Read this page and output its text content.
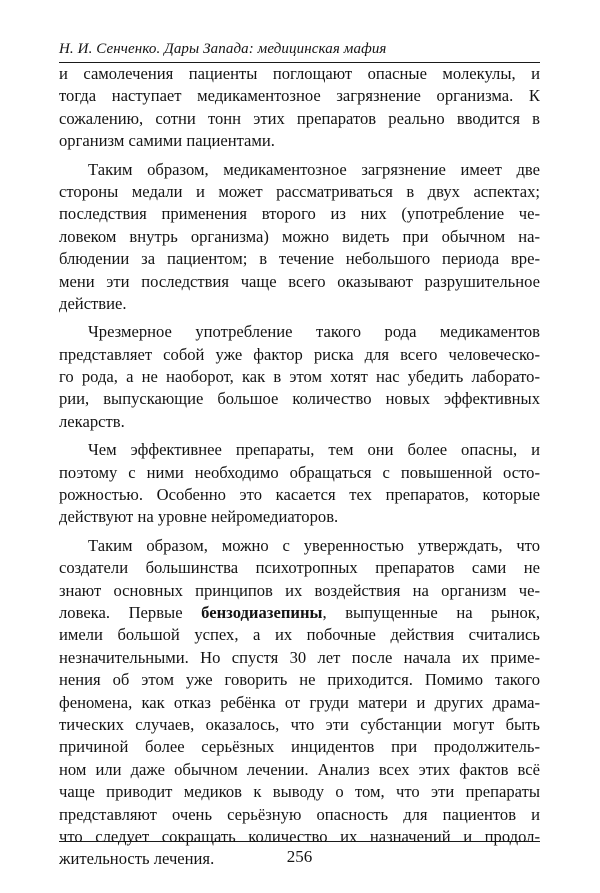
Н. И. Сенченко. Дары Запада: медицинская мафия
и самолечения пациенты поглощают опасные молекулы, и
тогда наступает медикаментозное загрязнение организма. К
сожалению, сотни тонн этих препаратов реально вводится в
организм самими пациентами.
Таким образом, медикаментозное загрязнение имеет две
стороны медали и может рассматриваться в двух аспектах;
последствия применения второго из них (употребление че-
ловеком внутрь организма) можно видеть при обычном на-
блюдении за пациентом; в течение небольшого периода вре-
мени эти последствия чаще всего оказывают разрушительное
действие.
Чрезмерное употребление такого рода медикаментов
представляет собой уже фактор риска для всего человеческо-
го рода, а не наоборот, как в этом хотят нас убедить лаборато-
рии, выпускающие большое количество новых эффективных
лекарств.
Чем эффективнее препараты, тем они более опасны, и
поэтому с ними необходимо обращаться с повышенной осто-
рожностью. Особенно это касается тех препаратов, которые
действуют на уровне нейромедиаторов.
Таким образом, можно с уверенностью утверждать, что
создатели большинства психотропных препаратов сами не
знают основных принципов их воздействия на организм че-
ловека. Первые бензодиазепины, выпущенные на рынок,
имели большой успех, а их побочные действия считались
незначительными. Но спустя 30 лет после начала их приме-
нения об этом уже говорить не приходится. Помимо такого
феномена, как отказ ребёнка от груди матери и других драма-
тических случаев, оказалось, что эти субстанции могут быть
причиной более серьёзных инцидентов при продолжитель-
ном или даже обычном лечении. Анализ всех этих фактов всё
чаще приводит медиков к выводу о том, что эти препараты
представляют очень серьёзную опасность для пациентов и
что следует сокращать количество их назначений и продол-
жительность лечения.	256
